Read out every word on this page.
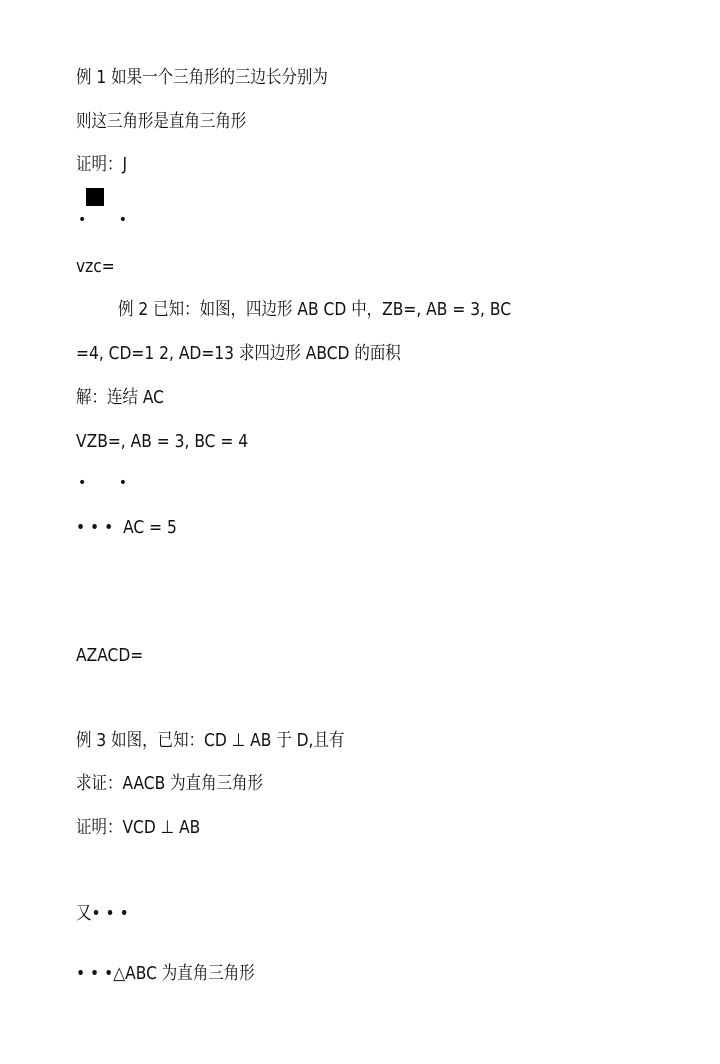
例 1 如果一个三角形的三边长分别为
则这三角形是直角三角形
证明：J
• •
vzc=
例 2 已知：如图，四边形 AB CD 中，ZB=, AB = 3, BC
=4, CD=1 2, AD=13 求四边形 ABCD 的面积
解：连结 AC
VZB=, AB = 3, BC = 4
• •
• • •  AC = 5
AZACD=
例 3 如图，已知：CD ⊥ AB 于 D,且有
求证：AACB 为直角三角形
证明：VCD ⊥ AB
又• • •
• • •△ABC 为直角三角形
